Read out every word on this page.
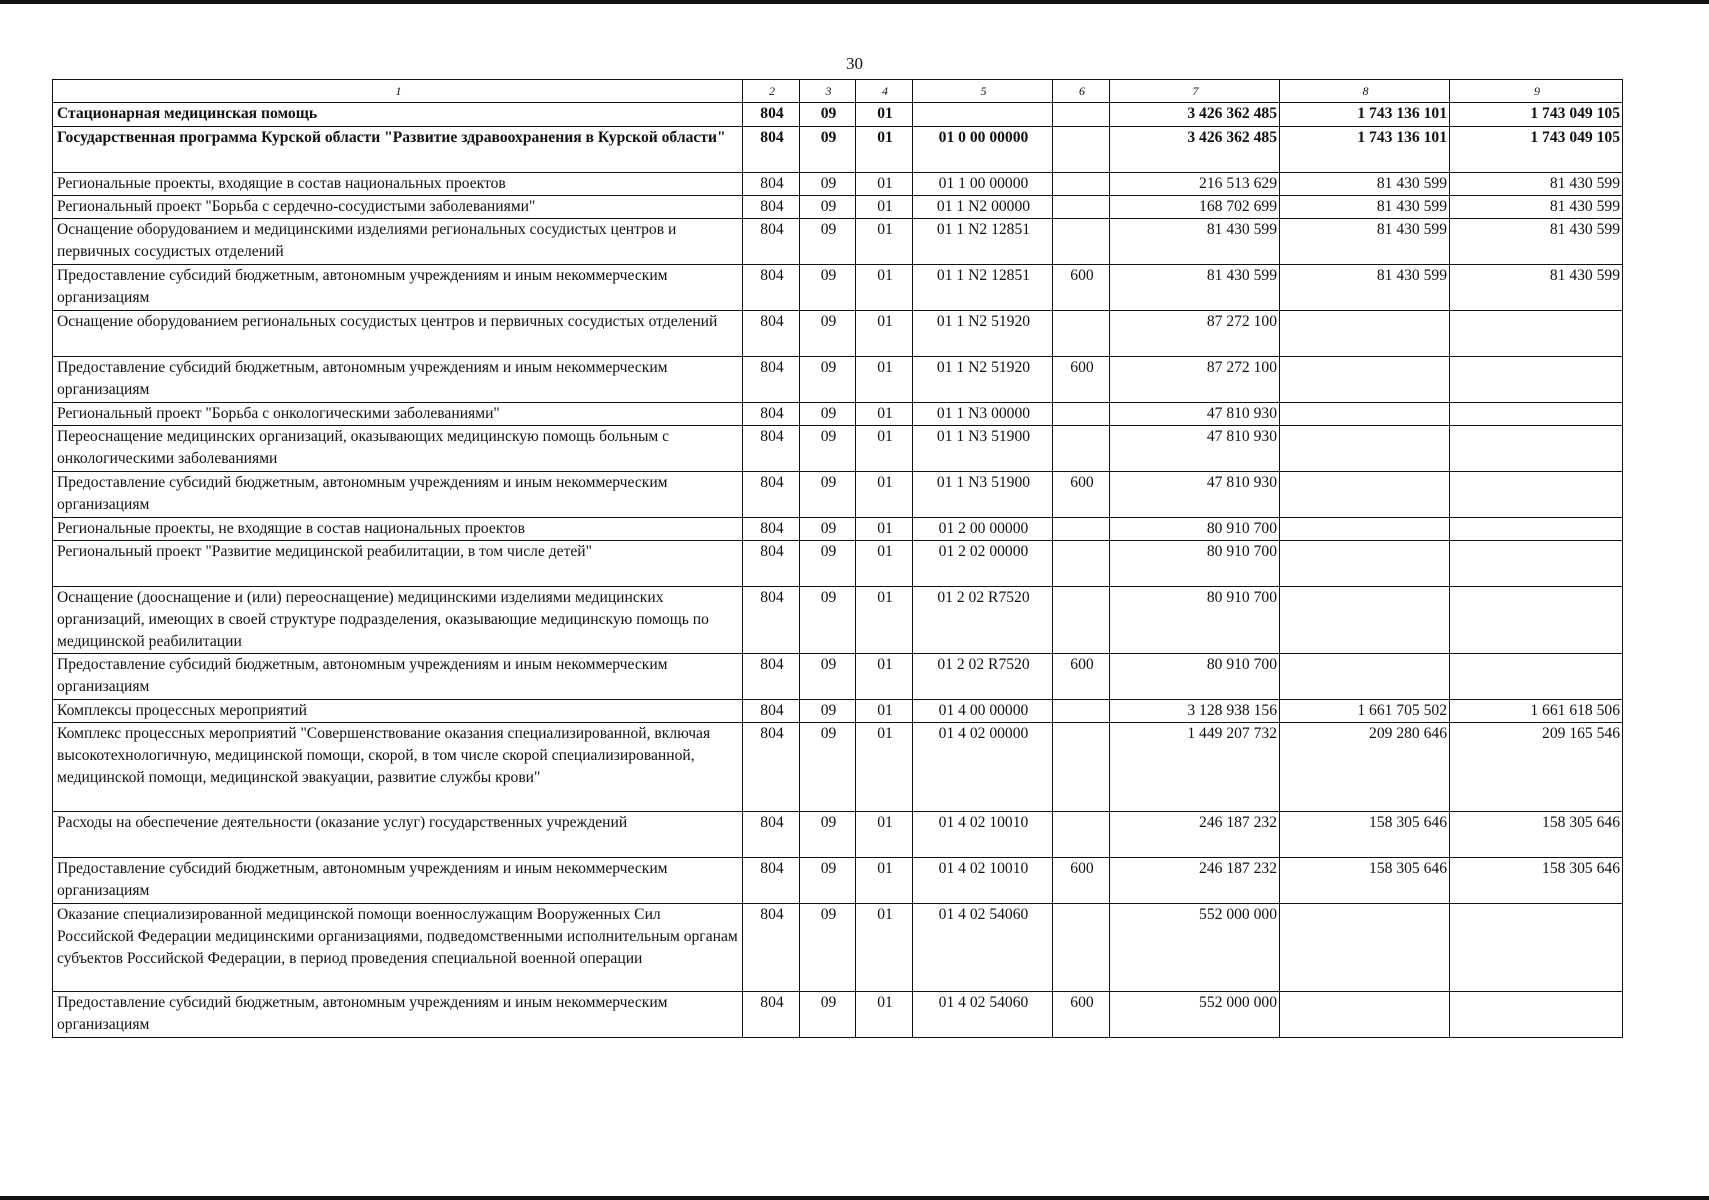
30
1	2	3	4	5	6	7	8	9
Стационарная медицинская помощь	804	09	01			3 426 362 485	1 743 136 101	1 743 049 105
Государственная программа Курской области "Развитие здравоохранения в Курской области"	804	09	01	01 0 00 00000		3 426 362 485	1 743 136 101	1 743 049 105
Региональные проекты, входящие в состав национальных проектов	804	09	01	01 1 00 00000		216 513 629	81 430 599	81 430 599
Региональный проект "Борьба с сердечно-сосудистыми заболеваниями"	804	09	01	01 1 N2 00000		168 702 699	81 430 599	81 430 599
Оснащение оборудованием и медицинскими изделиями региональных сосудистых центров и первичных сосудистых отделений	804	09	01	01 1 N2 12851		81 430 599	81 430 599	81 430 599
Предоставление субсидий бюджетным, автономным учреждениям и иным некоммерческим организациям	804	09	01	01 1 N2 12851	600	81 430 599	81 430 599	81 430 599
Оснащение оборудованием региональных сосудистых центров и первичных сосудистых отделений	804	09	01	01 1 N2 51920		87 272 100		
Предоставление субсидий бюджетным, автономным учреждениям и иным некоммерческим организациям	804	09	01	01 1 N2 51920	600	87 272 100		
Региональный проект "Борьба с онкологическими заболеваниями"	804	09	01	01 1 N3 00000		47 810 930		
Переоснащение медицинских организаций, оказывающих медицинскую помощь больным с онкологическими заболеваниями	804	09	01	01 1 N3 51900		47 810 930		
Предоставление субсидий бюджетным, автономным учреждениям и иным некоммерческим организациям	804	09	01	01 1 N3 51900	600	47 810 930		
Региональные проекты, не входящие в состав национальных проектов	804	09	01	01 2 00 00000		80 910 700		
Региональный проект "Развитие медицинской реабилитации, в том числе детей"	804	09	01	01 2 02 00000		80 910 700		
Оснащение (дооснащение и (или) переоснащение) медицинскими изделиями медицинских организаций, имеющих в своей структуре подразделения, оказывающие медицинскую помощь по медицинской реабилитации	804	09	01	01 2 02 R7520		80 910 700		
Предоставление субсидий бюджетным, автономным учреждениям и иным некоммерческим организациям	804	09	01	01 2 02 R7520	600	80 910 700		
Комплексы процессных мероприятий	804	09	01	01 4 00 00000		3 128 938 156	1 661 705 502	1 661 618 506
Комплекс процессных мероприятий "Совершенствование оказания специализированной, включая высокотехнологичную, медицинской помощи, скорой, в том числе скорой специализированной, медицинской помощи, медицинской эвакуации, развитие службы крови"	804	09	01	01 4 02 00000		1 449 207 732	209 280 646	209 165 546
Расходы на обеспечение деятельности (оказание услуг) государственных учреждений	804	09	01	01 4 02 10010		246 187 232	158 305 646	158 305 646
Предоставление субсидий бюджетным, автономным учреждениям и иным некоммерческим организациям	804	09	01	01 4 02 10010	600	246 187 232	158 305 646	158 305 646
Оказание специализированной медицинской помощи военнослужащим Вооруженных Сил Российской Федерации медицинскими организациями, подведомственными исполнительным органам субъектов Российской Федерации, в период проведения специальной военной операции	804	09	01	01 4 02 54060		552 000 000		
Предоставление субсидий бюджетным, автономным учреждениям и иным некоммерческим организациям	804	09	01	01 4 02 54060	600	552 000 000		
